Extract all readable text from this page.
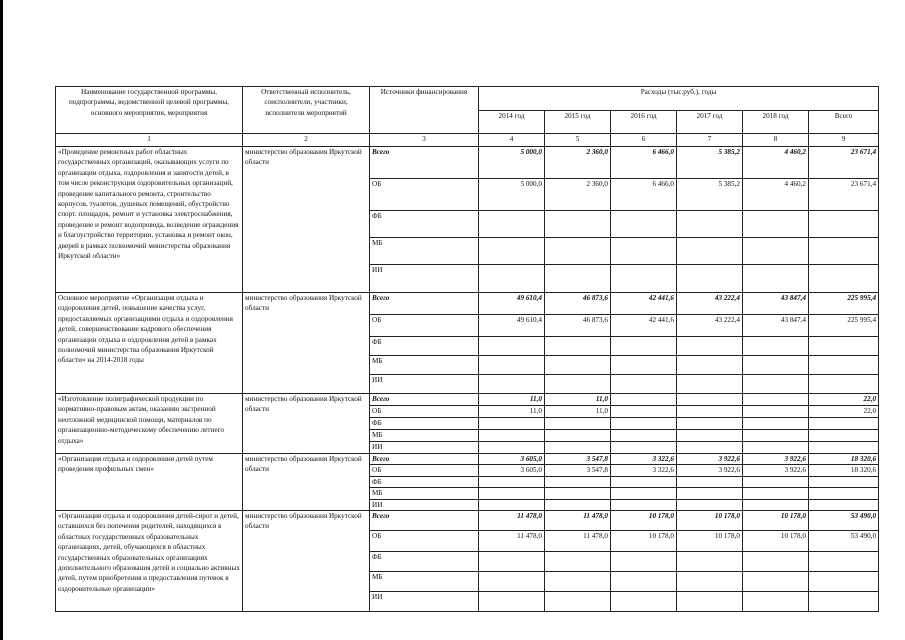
Наименование государственной программы, подпрограммы, ведомственной целевой программы, основного мероприятия, мероприятия	Ответственный исполнитель, соисполнители, участники, исполнители мероприятий	Источники финансирования	Расходы (тыс.руб.), годы					
			2014 год	2015 год	2016 год	2017 год	2018 год	Всего
1	2	3	4	5	6	7	8	9
«Проведение ремонтных работ областных государственных организаций, оказывающих услуги по организации отдыха, оздоровления и занятости детей, в том числе реконструкция оздоровительных организаций, проведение капитального ремонта, строительство корпусов, туалетов, душевых помещений, обустройство спорт. площадок, ремонт и установка электроснабжения, проведение и ремонт водопровода, возведение ограждения и благоустройство территории, установка и ремонт окон, дверей в рамках полномочий министерства образования Иркутской области»	министерство образования Иркутской области	Всего	5 000,0	2 360,0	6 466,0	5 385,2	4 460,2	23 671,4
		ОБ	5 000,0	2 360,0	6 466,0	5 385,2	4 460,2	23 671,4
		ФБ						
		МБ						
		ИИ						
Основное мероприятие «Организация отдыха и оздоровления детей, повышение качества услуг, предоставляемых организациями отдыха и оздоровления детей, совершенствование кадрового обеспечения организации отдыха и оздоровления детей в рамках полномочий министерства образования Иркутской области» на 2014-2018 годы	министерство образования Иркутской области	Всего	49 610,4	46 873,6	42 441,6	43 222,4	43 847,4	225 995,4
		ОБ	49 610,4	46 873,6	42 441,6	43 222,4	43 847,4	225 995,4
		ФБ						
		МБ						
		ИИ						
«Изготовление полиграфической продукции по нормативно-правовым актам, оказанию экстренной неотложной медицинской помощи, материалов по организационно-методическому обеспечению летнего отдыха»	министерство образования Иркутской области	Всего	11,0	11,0				22,0
		ОБ	11,0	11,0				22,0
		ФБ						
		МБ						
		ИИ						
«Организация отдыха и оздоровления детей путем проведения профильных смен»	министерство образования Иркутской области	Всего	3 605,0	3 547,8	3 322,6	3 922,6	3 922,6	18 320,6
		ОБ	3 605,0	3 547,8	3 322,6	3 922,6	3 922,6	18 320,6
		ФБ						
		МБ						
		ИИ						
«Организация отдыха и оздоровления детей-сирот и детей, оставшихся без попечения родителей, находящихся в областных государственных образовательных организациях, детей, обучающихся в областных государственных образовательных организациях дополнительного образования детей и социально активных детей, путем приобретения и предоставления путевок в оздоровительные организации»	министерство образования Иркутской области	Всего	11 478,0	11 478,0	10 178,0	10 178,0	10 178,0	53 490,0
		ОБ	11 478,0	11 478,0	10 178,0	10 178,0	10 178,0	53 490,0
		ФБ						
		МБ						
		ИИ						
